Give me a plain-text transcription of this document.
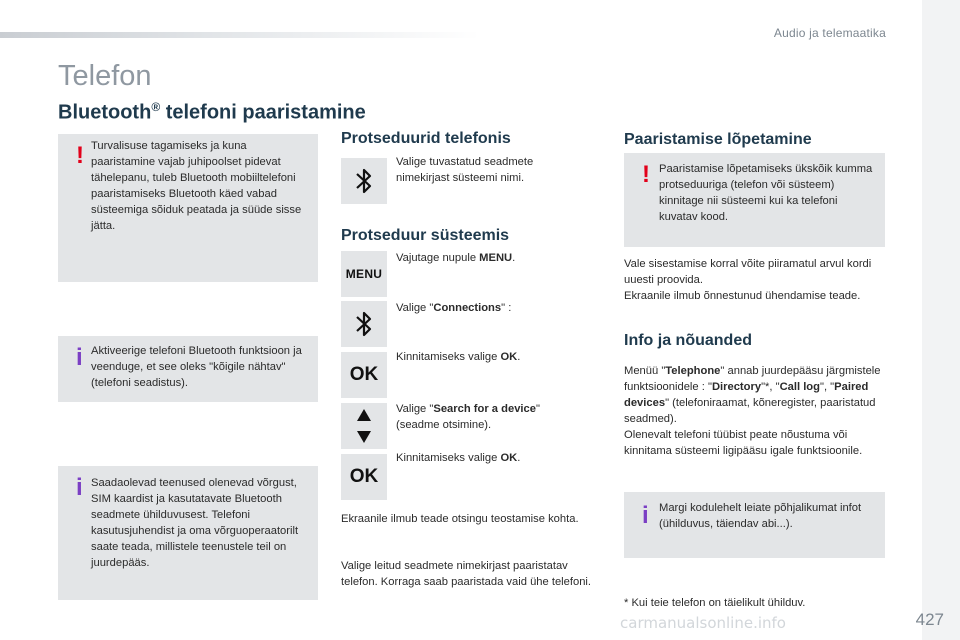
Audio ja telemaatika
Telefon
Bluetooth® telefoni paaristamine
! Turvalisuse tagamiseks ja kuna paaristamine vajab juhipoolset pidevat tähelepanu, tuleb Bluetooth mobiiltelefoni paaristamiseks Bluetooth käed vabad süsteemiga sõiduk peatada ja süüde sisse jätta.

i Aktiveerige telefoni Bluetooth funktsioon ja veenduge, et see oleks "kõigile nähtav" (telefoni seadistus).

i Saadaolevad teenused olenevad võrgust, SIM kaardist ja kasutatavate Bluetooth seadmete ühilduvusest. Telefoni kasutusjuhendist ja oma võrguoperaatorilt saate teada, millistele teenustele teil on juurdepääs.

Protseduurid telefonis

Valige tuvastatud seadmete nimekirjast süsteemi nimi.

Protseduur süsteemis
MENU

Vajutage nupule MENU.

Valige "Connections" :

OK

Kinnitamiseks valige OK.

Valige "Search for a device" (seadme otsimine).

OK

Kinnitamiseks valige OK.

Ekraanile ilmub teade otsingu teostamise kohta.

Valige leitud seadmete nimekirjast paaristatav telefon. Korraga saab paaristada vaid ühe telefoni.

Paaristamise lõpetamine
! Paaristamise lõpetamiseks ükskõik kumma protseduuriga (telefon või süsteem) kinnitage nii süsteemi kui ka telefoni kuvatav kood.

Vale sisestamise korral võite piiramatul arvul kordi uuesti proovida.
Ekraanile ilmub õnnestunud ühendamise teade.

Info ja nõuanded

Menüü "Telephone" annab juurdepääsu järgmistele funktsioonidele : "Directory"*, "Call log", "Paired devices" (telefoniraamat, kõneregister, paaristatud seadmed).
Olenevalt telefoni tüübist peate nõustuma või kinnitama süsteemi ligipääsu igale funktsioonile.

i Margi kodulehelt leiate põhjalikumat infot (ühilduvus, täiendav abi...).

* Kui teie telefon on täielikult ühilduv.

carmanualsonline.info	427
